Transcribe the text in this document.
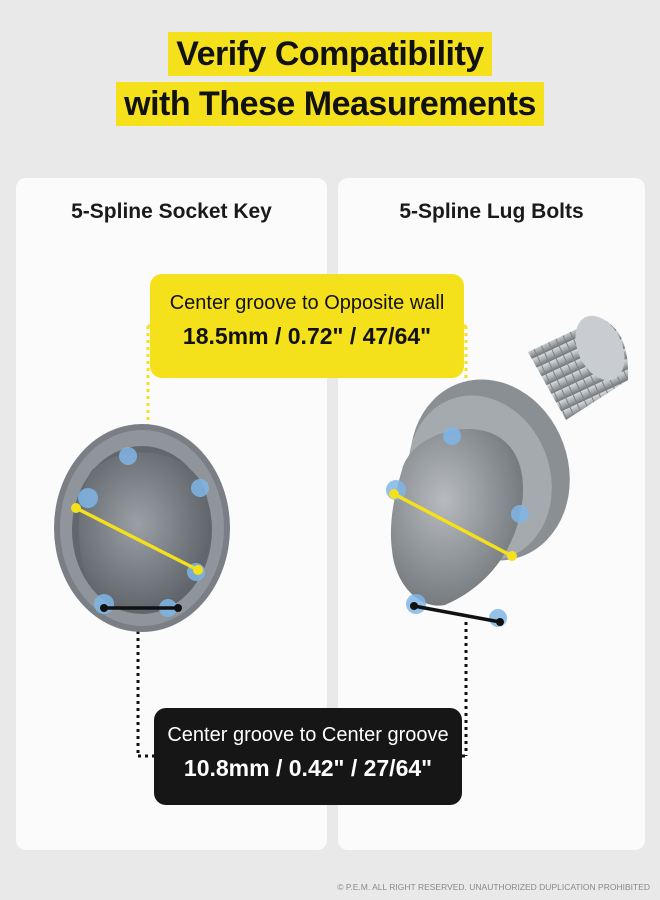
Verify Compatibility
with These Measurements
5-Spline Socket Key	5-Spline Lug Bolts
Center groove to Opposite wall
18.5mm / 0.72" / 47/64"
Center groove to Center groove
10.8mm / 0.42" / 27/64"
© P.E.M. ALL RIGHT RESERVED. UNAUTHORIZED DUPLICATION PROHIBITED
